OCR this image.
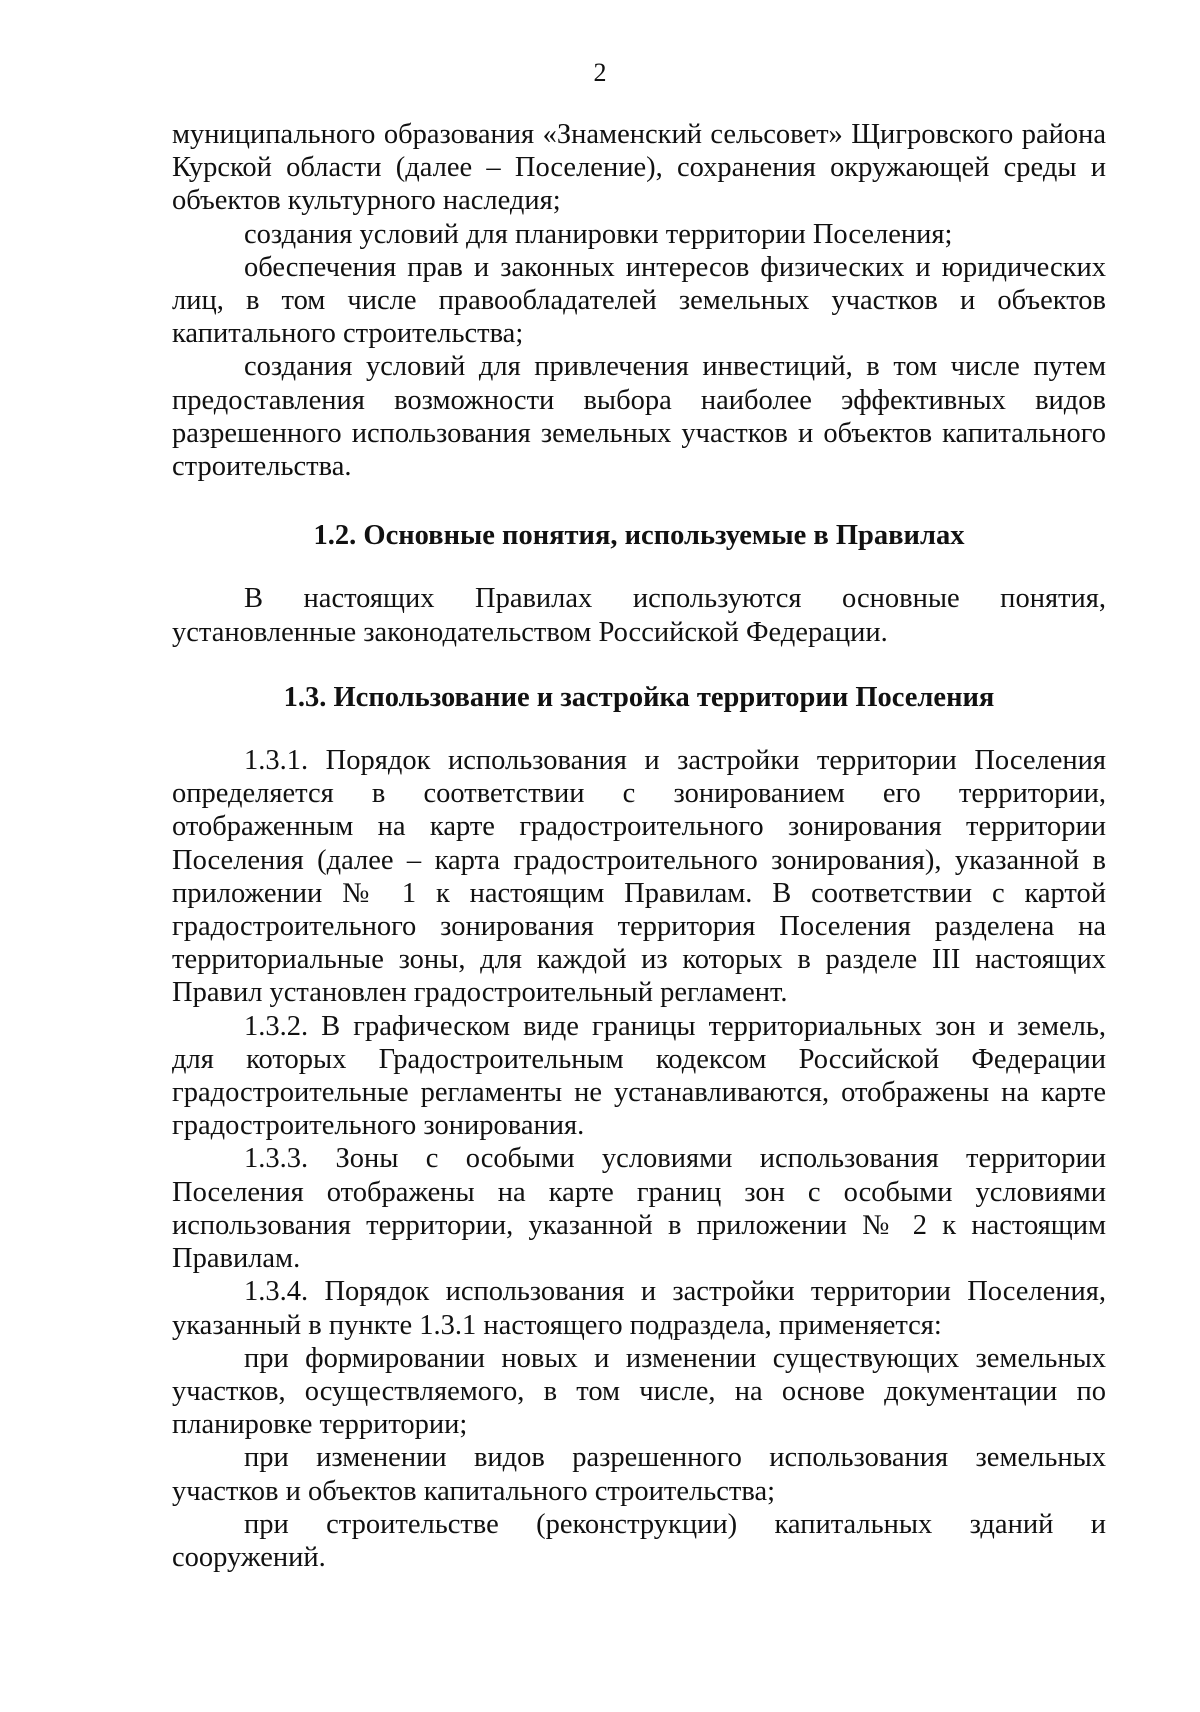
2

муниципального образования «Знаменский сельсовет» Щигровского района Курской области (далее – Поселение), сохранения окружающей среды и объектов культурного наследия;

создания условий для планировки территории Поселения;

обеспечения прав и законных интересов физических и юридических лиц, в том числе правообладателей земельных участков и объектов капитального строительства;

создания условий для привлечения инвестиций, в том числе путем предоставления возможности выбора наиболее эффективных видов разрешенного использования земельных участков и объектов капитального строительства.

1.2. Основные понятия, используемые в Правилах

В настоящих Правилах используются основные понятия, установленные законодательством Российской Федерации.

1.3. Использование и застройка территории Поселения

1.3.1. Порядок использования и застройки территории Поселения определяется в соответствии с зонированием его территории, отображенным на карте градостроительного зонирования территории Поселения (далее – карта градостроительного зонирования), указанной в приложении № 1 к настоящим Правилам. В соответствии с картой градостроительного зонирования территория Поселения разделена на территориальные зоны, для каждой из которых в разделе III настоящих Правил установлен градостроительный регламент.

1.3.2. В графическом виде границы территориальных зон и земель, для которых Градостроительным кодексом Российской Федерации градостроительные регламенты не устанавливаются, отображены на карте градостроительного зонирования.

1.3.3. Зоны с особыми условиями использования территории Поселения отображены на карте границ зон с особыми условиями использования территории, указанной в приложении № 2 к настоящим Правилам.

1.3.4. Порядок использования и застройки территории Поселения, указанный в пункте 1.3.1 настоящего подраздела, применяется:

при формировании новых и изменении существующих земельных участков, осуществляемого, в том числе, на основе документации по планировке территории;

при изменении видов разрешенного использования земельных участков и объектов капитального строительства;

при строительстве (реконструкции) капитальных зданий и сооружений.
